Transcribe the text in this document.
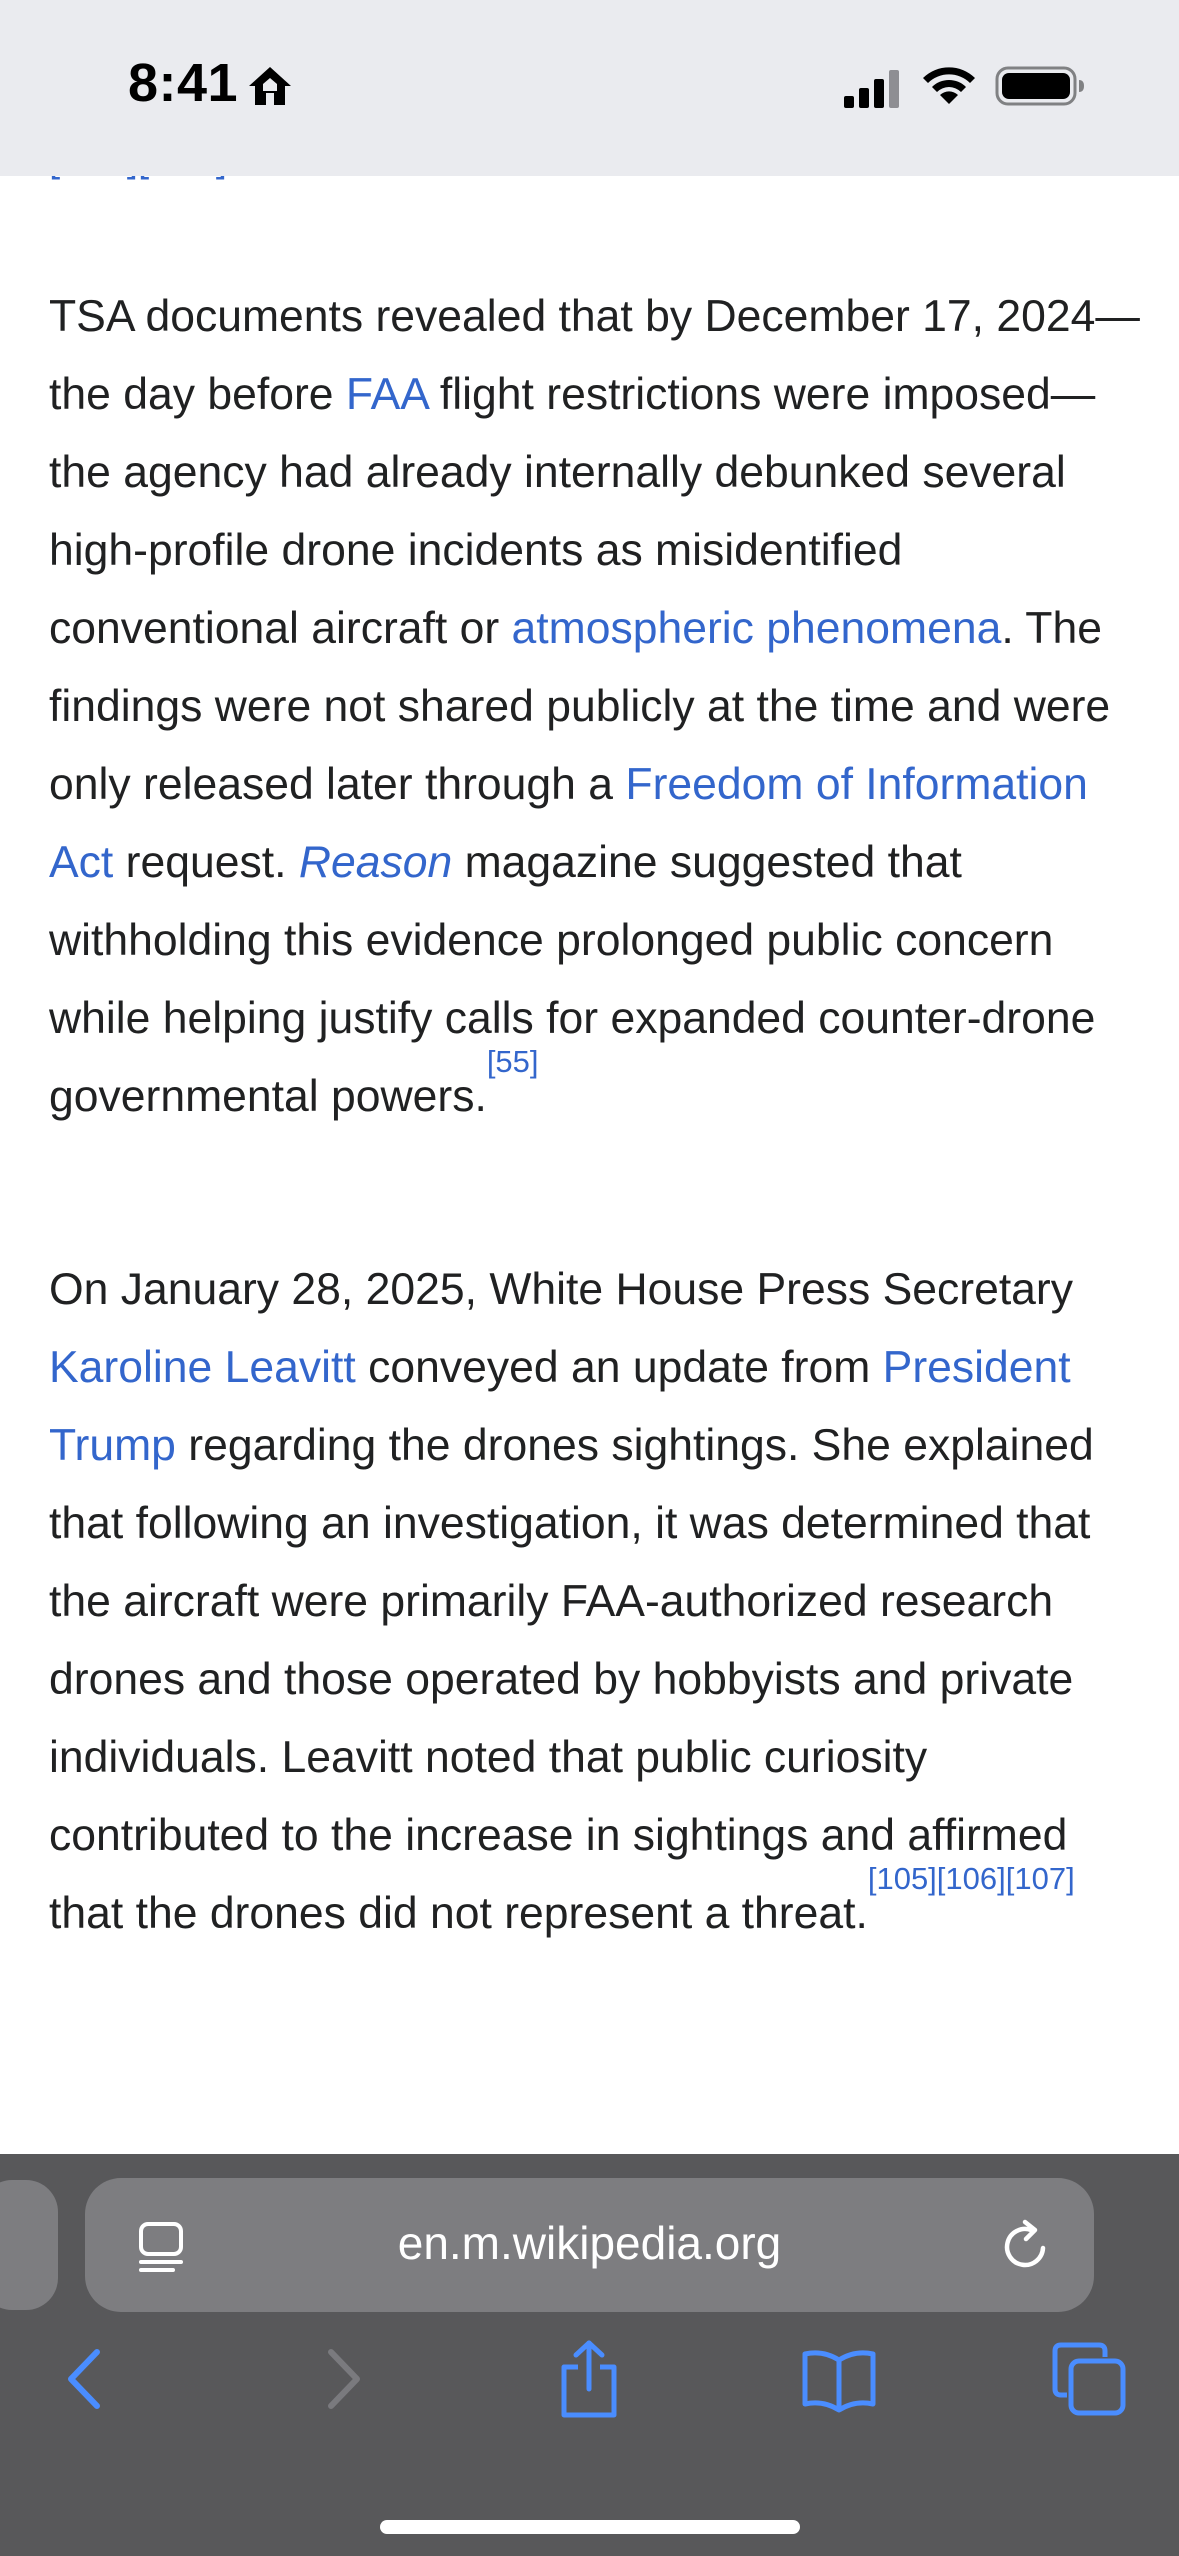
8:41

TSA documents revealed that by December 17, 2024—the day before FAA flight restrictions were imposed—the agency had already internally debunked several high-profile drone incidents as misidentified conventional aircraft or atmospheric phenomena. The findings were not shared publicly at the time and were only released later through a Freedom of Information Act request. Reason magazine suggested that withholding this evidence prolonged public concern while helping justify calls for expanded counter-drone governmental powers.[55]

On January 28, 2025, White House Press Secretary Karoline Leavitt conveyed an update from President Trump regarding the drones sightings. She explained that following an investigation, it was determined that the aircraft were primarily FAA-authorized research drones and those operated by hobbyists and private individuals. Leavitt noted that public curiosity contributed to the increase in sightings and affirmed that the drones did not represent a threat.[105][106][107]

en.m.wikipedia.org
